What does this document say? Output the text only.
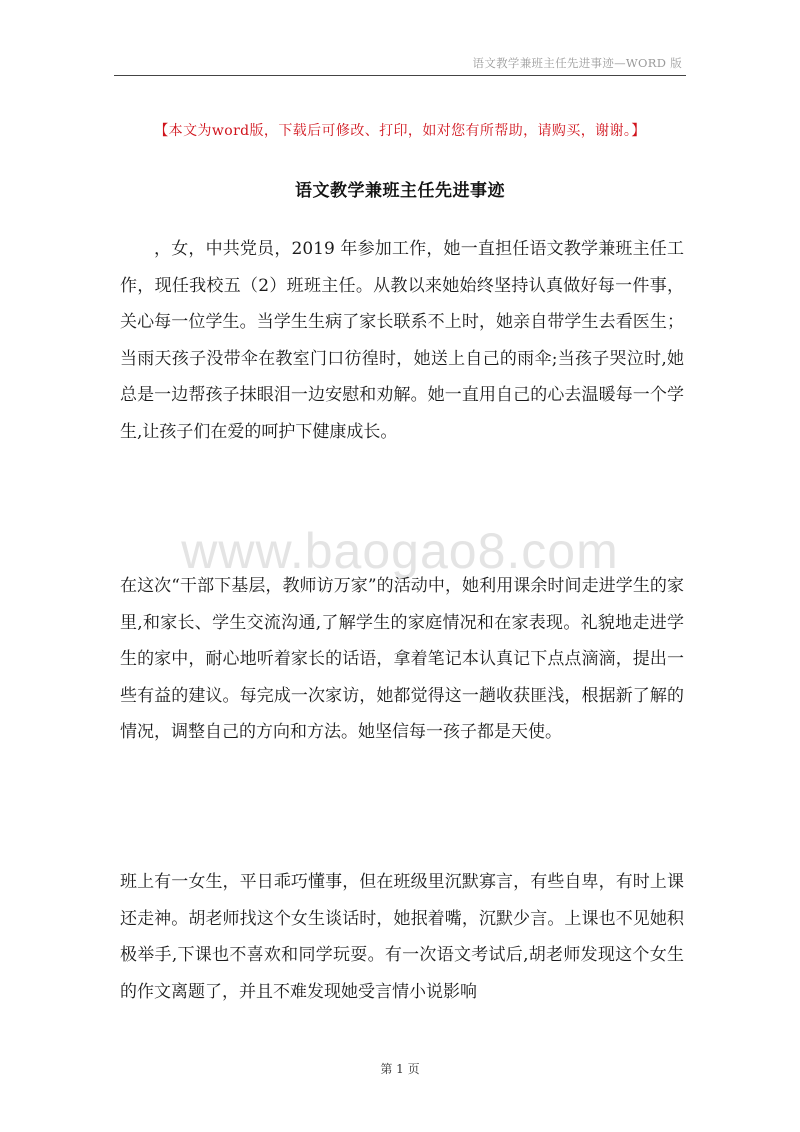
语文教学兼班主任先进事迹—WORD 版
【本文为word版，下载后可修改、打印，如对您有所帮助，请购买，谢谢。】
语文教学兼班主任先进事迹

，女，中共党员，2019 年参加工作，她一直担任语文教学兼班主任工作，现任我校五（2）班班主任。从教以来她始终坚持认真做好每一件事，关心每一位学生。当学生生病了家长联系不上时，她亲自带学生去看医生；当雨天孩子没带伞在教室门口彷徨时，她送上自己的雨伞;当孩子哭泣时,她总是一边帮孩子抹眼泪一边安慰和劝解。她一直用自己的心去温暖每一个学生,让孩子们在爱的呵护下健康成长。

www.baogao8.com

在这次“干部下基层，教师访万家”的活动中，她利用课余时间走进学生的家里,和家长、学生交流沟通,了解学生的家庭情况和在家表现。礼貌地走进学生的家中，耐心地听着家长的话语，拿着笔记本认真记下点点滴滴，提出一些有益的建议。每完成一次家访，她都觉得这一趟收获匪浅，根据新了解的情况，调整自己的方向和方法。她坚信每一孩子都是天使。

班上有一女生，平日乖巧懂事，但在班级里沉默寡言，有些自卑，有时上课还走神。胡老师找这个女生谈话时，她抿着嘴，沉默少言。上课也不见她积极举手,下课也不喜欢和同学玩耍。有一次语文考试后,胡老师发现这个女生的作文离题了，并且不难发现她受言情小说影响

第 1 页
